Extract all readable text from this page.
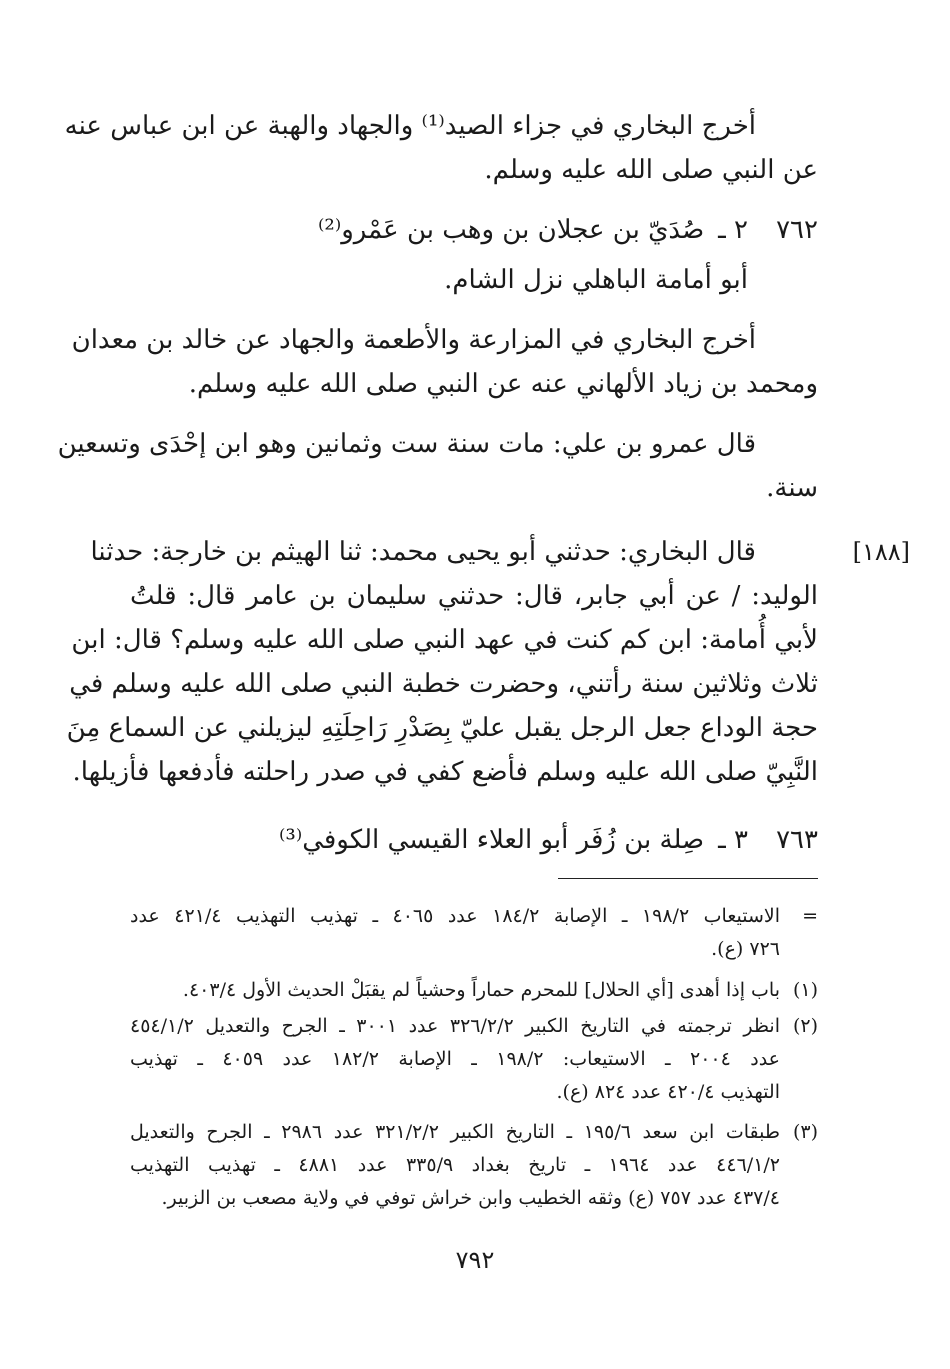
أخرج البخاري في جزاء الصيد⁽¹⁾ والجهاد والهبة عن ابن عباس عنه
عن النبي صلى الله عليه وسلم.
٧٦٢٢ ـصُدَيّ بن عجلان بن وهب بن عَمْرو⁽²⁾
أبو أمامة الباهلي نزل الشام.
أخرج البخاري في المزارعة والأطعمة والجهاد عن خالد بن معدان
ومحمد بن زياد الألهاني عنه عن النبي صلى الله عليه وسلم.
قال عمرو بن علي: مات سنة ست وثمانين وهو ابن إحْدَى وتسعين
سنة.
[١٨٨]
قال البخاري: حدثني أبو يحيى محمد: ثنا الهيثم بن خارجة: حدثنا
الوليد: / عن أبي جابر، قال: حدثني سليمان بن عامر قال: قلتُ
لأبي أُمامة: ابن كم كنت في عهد النبي صلى الله عليه وسلم؟ قال: ابن
ثلاث وثلاثين سنة رأتني، وحضرت خطبة النبي صلى الله عليه وسلم في
حجة الوداع جعل الرجل يقبل عليّ بِصَدْرِ رَاحِلَتِهِ ليزيلني عن السماع مِنَ
النَّبِيّ صلى الله عليه وسلم فأضع كفي في صدر راحلته فأدفعها فأزيلها.
٧٦٣٣ ـصِلة بن زُفَر أبو العلاء القيسي الكوفي⁽³⁾
=
الاستيعاب ١٩٨/٢ ـ الإصابة ١٨٤/٢ عدد ٤٠٦٥ ـ تهذيب التهذيب ٤٢١/٤ عدد
٧٢٦ (ع).
(١)
باب إذا أهدى [أي الحلال] للمحرم حماراً وحشياً لم يقبَلْ الحديث الأول ٤٠٣/٤.
(٢)
انظر ترجمته في التاريخ الكبير ٣٢٦/٢/٢ عدد ٣٠٠١ ـ الجرح والتعديل ٤٥٤/١/٢
عدد ٢٠٠٤ ـ الاستيعاب: ١٩٨/٢ ـ الإصابة ١٨٢/٢ عدد ٤٠٥٩ ـ تهذيب
التهذيب ٤٢٠/٤ عدد ٨٢٤ (ع).
(٣)
طبقات ابن سعد ١٩٥/٦ ـ التاريخ الكبير ٣٢١/٢/٢ عدد ٢٩٨٦ ـ الجرح والتعديل
٤٤٦/١/٢ عدد ١٩٦٤ ـ تاريخ بغداد ٣٣٥/٩ عدد ٤٨٨١ ـ تهذيب التهذيب
٤٣٧/٤ عدد ٧٥٧ (ع) وثقه الخطيب وابن خراش توفي في ولاية مصعب بن الزبير.
٧٩٢
